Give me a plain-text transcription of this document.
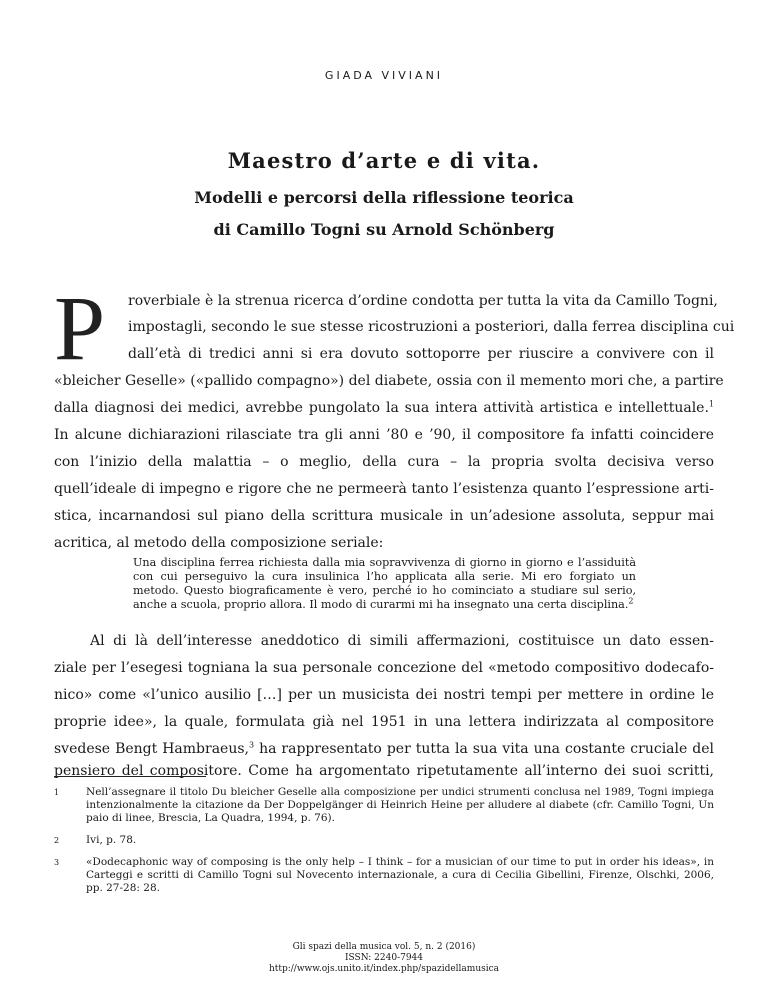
GIADA VIVIANI
Maestro d’arte e di vita.
Modelli e percorsi della riflessione teorica
di Camillo Togni su Arnold Schönberg
P roverbiale è la strenua ricerca d’ordine condotta per tutta la vita da Camillo Togni,
impostagli, secondo le sue stesse ricostruzioni a posteriori, dalla ferrea disciplina cui
dall’età di tredici anni si era dovuto sottoporre per riuscire a convivere con il
«bleicher Geselle» («pallido compagno») del diabete, ossia con il memento mori che, a partire
dalla diagnosi dei medici, avrebbe pungolato la sua intera attività artistica e intellettuale.$^1$
In alcune dichiarazioni rilasciate tra gli anni ’80 e ’90, il compositore fa infatti coincidere
con l’inizio della malattia – o meglio, della cura – la propria svolta decisiva verso
quell’ideale di impegno e rigore che ne permeerà tanto l’esistenza quanto l’espressione arti-
stica, incarnandosi sul piano della scrittura musicale in un’adesione assoluta, seppur mai
acritica, al metodo della composizione seriale:
Una disciplina ferrea richiesta dalla mia sopravvivenza di giorno in giorno e l’assiduità con cui perseguivo la cura insulinica l’ho applicata alla serie. Mi ero forgiato un metodo. Questo biograficamente è vero, perché io ho cominciato a studiare sul serio, anche a scuola, proprio allora. Il modo di curarmi mi ha insegnato una certa disciplina.$^2$
Al di là dell’interesse aneddotico di simili affermazioni, costituisce un dato essen-
ziale per l’esegesi togniana la sua personale concezione del «metodo compositivo dodecafo-
nico» come «l’unico ausilio […] per un musicista dei nostri tempi per mettere in ordine le
proprie idee», la quale, formulata già nel 1951 in una lettera indirizzata al compositore
svedese Bengt Hambraeus,$^3$ ha rappresentato per tutta la sua vita una costante cruciale del
pensiero del compositore. Come ha argomentato ripetutamente all’interno dei suoi scritti,
1	Nell’assegnare il titolo Du bleicher Geselle alla composizione per undici strumenti conclusa nel 1989, Togni impiega intenzionalmente la citazione da Der Doppelgänger di Heinrich Heine per alludere al diabete (cfr. Camillo Togni, Un paio di linee, Brescia, La Quadra, 1994, p. 76).
2	Ivi, p. 78.
3	«Dodecaphonic way of composing is the only help – I think – for a musician of our time to put in order his ideas», in Carteggi e scritti di Camillo Togni sul Novecento internazionale, a cura di Cecilia Gibellini, Firenze, Olschki, 2006, pp. 27-28: 28.
Gli spazi della musica vol. 5, n. 2 (2016)
ISSN: 2240-7944
http://www.ojs.unito.it/index.php/spazidellamusica
